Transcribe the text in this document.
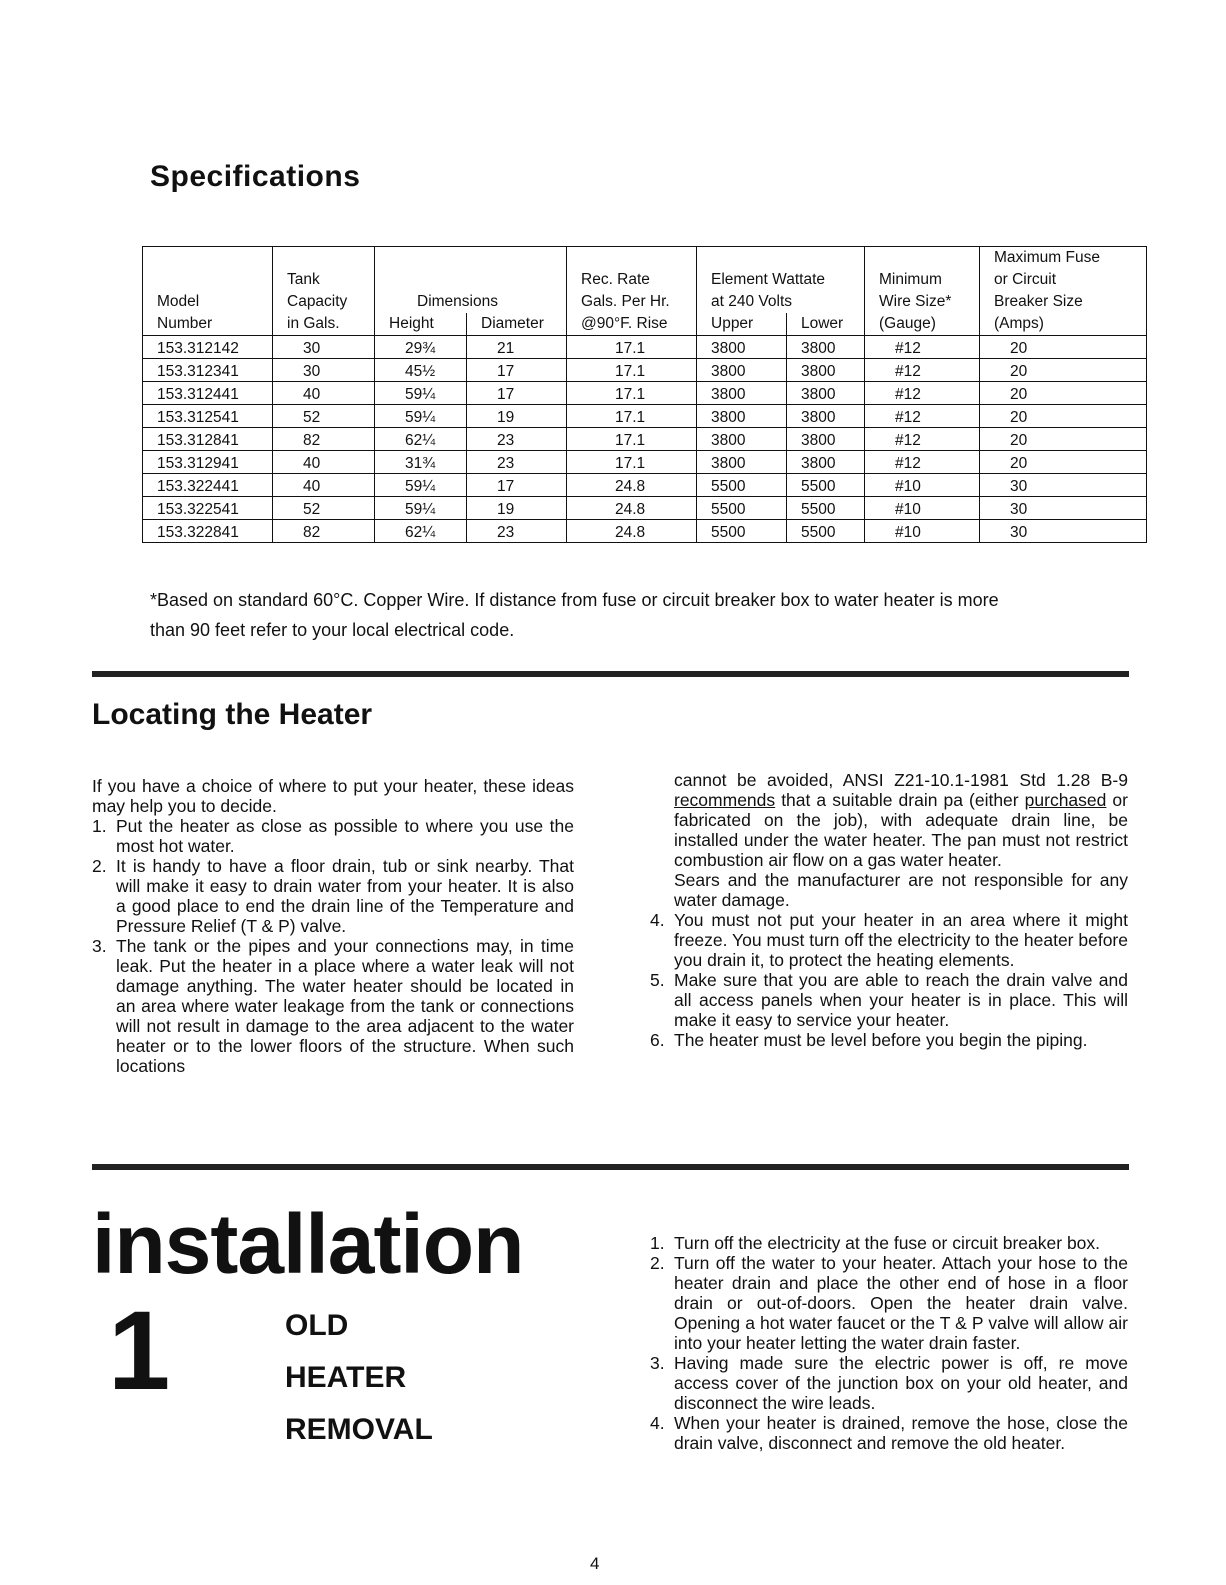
Specifications
								Maximum Fuse
	Tank			Rec. Rate	Element Wattate		Minimum	or Circuit
Model	Capacity	Dimensions		Gals. Per Hr.	at 240 Volts		Wire Size*	Breaker Size
Number	in Gals.	Height	Diameter	@90°F. Rise	Upper	Lower	(Gauge)	(Amps)
153.312142	30	29¾	21	17.1	3800	3800	#12	20
153.312341	30	45½	17	17.1	3800	3800	#12	20
153.312441	40	59¼	17	17.1	3800	3800	#12	20
153.312541	52	59¼	19	17.1	3800	3800	#12	20
153.312841	82	62¼	23	17.1	3800	3800	#12	20
153.312941	40	31¾	23	17.1	3800	3800	#12	20
153.322441	40	59¼	17	24.8	5500	5500	#10	30
153.322541	52	59¼	19	24.8	5500	5500	#10	30
153.322841	82	62¼	23	24.8	5500	5500	#10	30
*Based on standard 60°C. Copper Wire. If distance from fuse or circuit breaker box to water heater is more
than 90 feet refer to your local electrical code.
Locating the Heater

If you have a choice of where to put your heater, these ideas may help you to decide.

1. Put the heater as close as possible to where you use the most hot water.
2. It is handy to have a floor drain, tub or sink nearby. That will make it easy to drain water from your heater. It is also a good place to end the drain line of the Temperature and Pressure Relief (T & P) valve.
3. The tank or the pipes and your connections may, in time leak. Put the heater in a place where a water leak will not damage anything. The water heater should be located in an area where water leakage from the tank or connections will not result in damage to the area adjacent to the water heater or to the lower floors of the structure. When such locations
cannot be avoided, ANSI Z21-10.1-1981 Std 1.28 B-9 recommends that a suitable drain pa (either purchased or fabricated on the job), with adequate drain line, be installed under the water heater. The pan must not restrict combustion air flow on a gas water heater.
Sears and the manufacturer are not responsible for any water damage.
4. You must not put your heater in an area where it might freeze. You must turn off the electricity to the heater before you drain it, to protect the heating elements.
5. Make sure that you are able to reach the drain valve and all access panels when your heater is in place. This will make it easy to service your heater.
6. The heater must be level before you begin the piping.
installation
1	OLD
HEATER
REMOVAL
1. Turn off the electricity at the fuse or circuit breaker box.
2. Turn off the water to your heater. Attach your hose to the heater drain and place the other end of hose in a floor drain or out-of-doors. Open the heater drain valve. Opening a hot water faucet or the T & P valve will allow air into your heater letting the water drain faster.
3. Having made sure the electric power is off, re move access cover of the junction box on your old heater, and disconnect the wire leads.
4. When your heater is drained, remove the hose, close the drain valve, disconnect and remove the old heater.
4
